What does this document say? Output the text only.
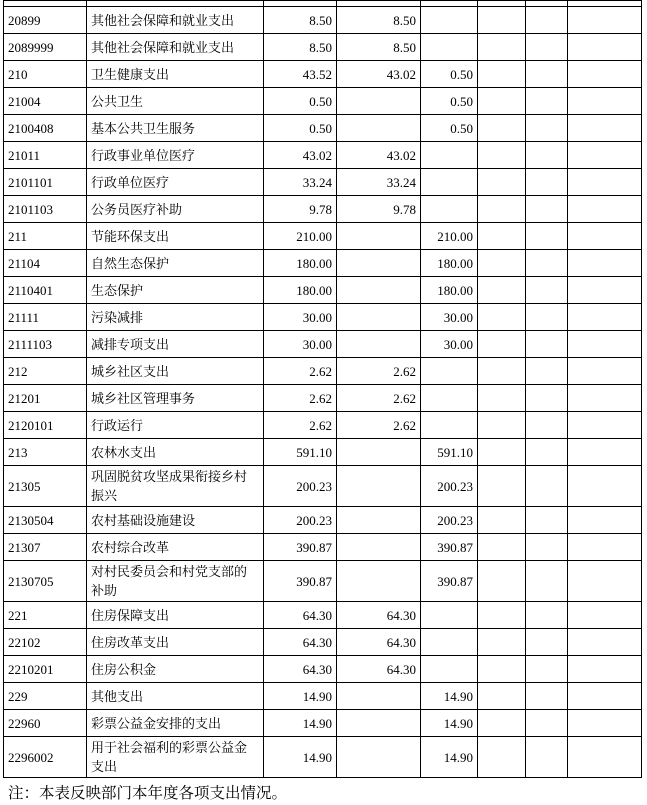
20899	其他社会保障和就业支出	8.50	8.50				
2089999	其他社会保障和就业支出	8.50	8.50				
210	卫生健康支出	43.52	43.02	0.50			
21004	公共卫生	0.50		0.50			
2100408	基本公共卫生服务	0.50		0.50			
21011	行政事业单位医疗	43.02	43.02				
2101101	行政单位医疗	33.24	33.24				
2101103	公务员医疗补助	9.78	9.78				
211	节能环保支出	210.00		210.00			
21104	自然生态保护	180.00		180.00			
2110401	生态保护	180.00		180.00			
21111	污染减排	30.00		30.00			
2111103	减排专项支出	30.00		30.00			
212	城乡社区支出	2.62	2.62				
21201	城乡社区管理事务	2.62	2.62				
2120101	行政运行	2.62	2.62				
213	农林水支出	591.10		591.10			
21305	巩固脱贫攻坚成果衔接乡村振兴	200.23		200.23			
2130504	农村基础设施建设	200.23		200.23			
21307	农村综合改革	390.87		390.87			
2130705	对村民委员会和村党支部的补助	390.87		390.87			
221	住房保障支出	64.30	64.30				
22102	住房改革支出	64.30	64.30				
2210201	住房公积金	64.30	64.30				
229	其他支出	14.90		14.90			
22960	彩票公益金安排的支出	14.90		14.90			
2296002	用于社会福利的彩票公益金支出	14.90		14.90			
注：本表反映部门本年度各项支出情况。
